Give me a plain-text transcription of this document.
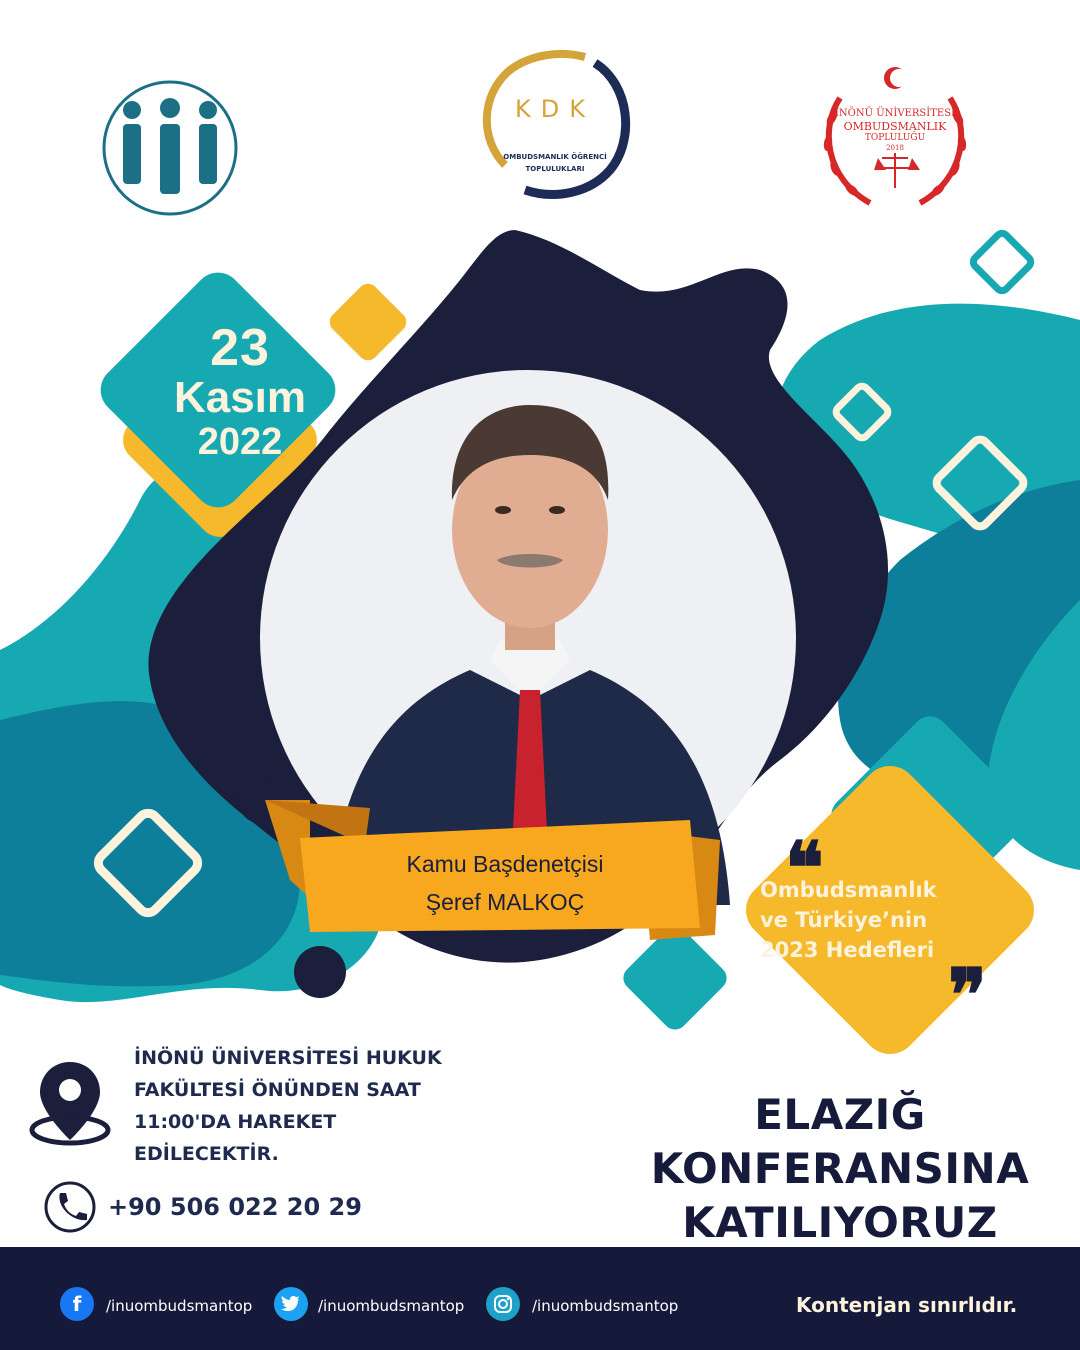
KDK
OMBUDSMANLIK ÖĞRENCİ
TOPLULUKLARI
İNÖNÜ ÜNİVERSİTESİ
OMBUDSMANLIK
TOPLULUĞU
2018
23
Kasım
2022
Kamu Başdenetçisi
Şeref MALKOÇ	❝
Ombudsmanlık
ve Türkiye’nin
2023 Hedefleri
❞
İNÖNÜ ÜNİVERSİTESİ HUKUK
FAKÜLTESİ ÖNÜNDEN SAAT
11:00'DA HAREKET
EDİLECEKTİR.
+90 506 022 20 29
ELAZIĞ
KONFERANSINA
KATILIYORUZ
f	/inuombudsmantop	/inuombudsmantop	/inuombudsmantop	Kontenjan sınırlıdır.
